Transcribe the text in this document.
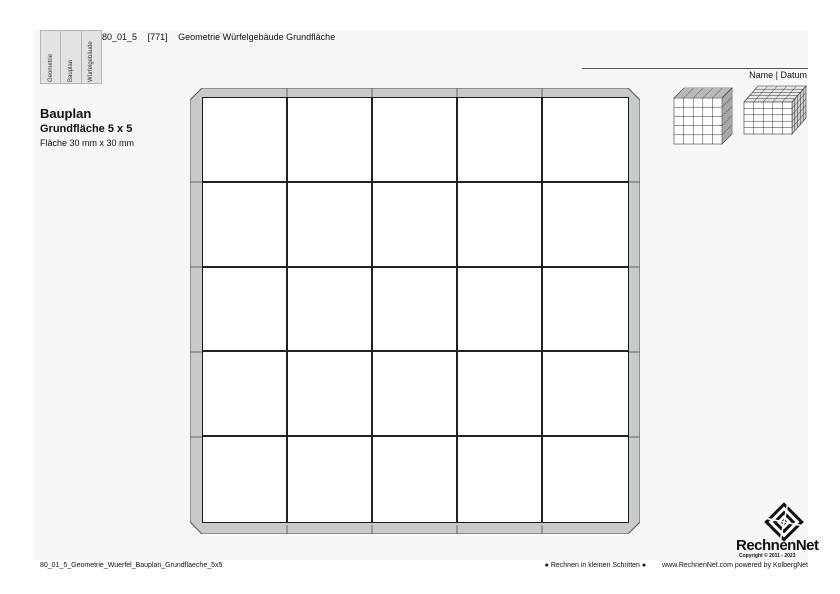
Geometrie Bauplan Würfelgebäude
80_01_5 [771] Geometrie Würfelgebäude Grundfläche
Name | Datum
Bauplan
Grundfläche 5 x 5
Fläche 30 mm x 30 mm
RechnenNet
Copyright © 2011 - 2023
80_01_5_Geometrie_Wuerfel_Bauplan_Grundflaeche_5x5	● Rechnen in kleinen Schritten ● www.RechnenNet.com powered by KolbergNet
